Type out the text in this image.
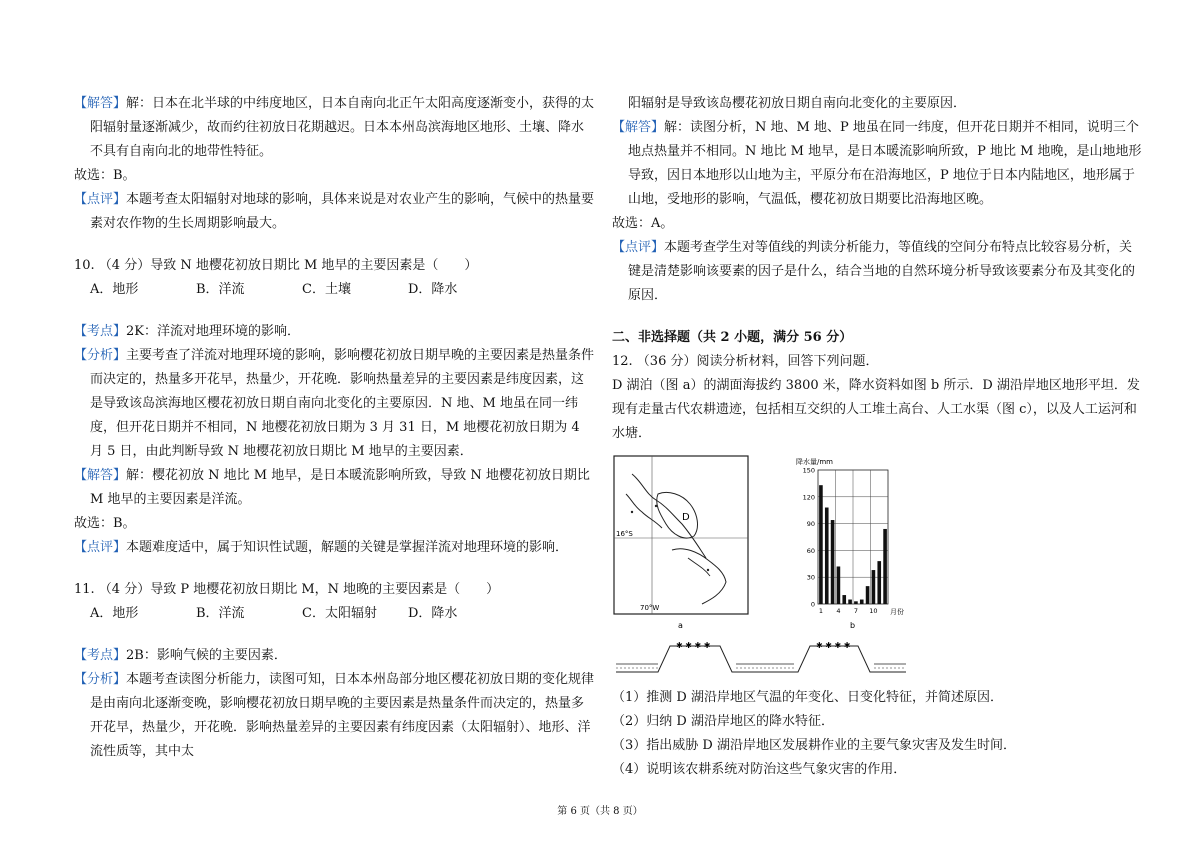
【解答】解：日本在北半球的中纬度地区，日本自南向北正午太阳高度逐渐变小，获得的太阳辐射量逐渐减少，故而约往初放日花期越迟。日本本州岛滨海地区地形、土壤、降水不具有自南向北的地带性特征。

故选：B。

【点评】本题考查太阳辐射对地球的影响，具体来说是对农业产生的影响，气候中的热量要素对农作物的生长周期影响最大。

10. （4 分）导致 N 地樱花初放日期比 M 地早的主要因素是（　　）

A．地形	B．洋流	C．土壤	D．降水

【考点】2K：洋流对地理环境的影响．

【分析】主要考查了洋流对地理环境的影响，影响樱花初放日期早晚的主要因素是热量条件而决定的，热量多开花早，热量少，开花晚．影响热量差异的主要因素是纬度因素，这是导致该岛滨海地区樱花初放日期自南向北变化的主要原因．N 地、M 地虽在同一纬度，但开花日期并不相同，N 地樱花初放日期为 3 月 31 日，M 地樱花初放日期为 4 月 5 日，由此判断导致 N 地樱花初放日期比 M 地早的主要因素．

【解答】解：樱花初放 N 地比 M 地早，是日本暖流影响所致，导致 N 地樱花初放日期比 M 地早的主要因素是洋流。

故选：B。

【点评】本题难度适中，属于知识性试题，解题的关键是掌握洋流对地理环境的影响．

11. （4 分）导致 P 地樱花初放日期比 M，N 地晚的主要因素是（　　）

A．地形	B．洋流	C．太阳辐射	D．降水

【考点】2B：影响气候的主要因素．

【分析】本题考查读图分析能力，读图可知，日本本州岛部分地区樱花初放日期的变化规律是由南向北逐渐变晚，影响樱花初放日期早晚的主要因素是热量条件而决定的，热量多开花早，热量少，开花晚．影响热量差异的主要因素有纬度因素（太阳辐射）、地形、洋流性质等，其中太

阳辐射是导致该岛樱花初放日期自南向北变化的主要原因．

【解答】解：读图分析，N 地、M 地、P 地虽在同一纬度，但开花日期并不相同，说明三个地点热量并不相同。N 地比 M 地早，是日本暖流影响所致，P 地比 M 地晚，是山地地形导致，因日本地形以山地为主，平原分布在沿海地区，P 地位于日本内陆地区，地形属于山地，受地形的影响，气温低，樱花初放日期要比沿海地区晚。

故选：A。

【点评】本题考查学生对等值线的判读分析能力，等值线的空间分布特点比较容易分析，关键是清楚影响该要素的因子是什么，结合当地的自然环境分析导致该要素分布及其变化的原因．

二、非选择题（共 2 小题，满分 56 分）

12. （36 分）阅读分析材料，回答下列问题．

D 湖泊（图 a）的湖面海拔约 3800 米，降水资料如图 b 所示．D 湖沿岸地区地形平坦．发现有走量古代农耕遗迹，包括相互交织的人工堆土高台、人工水渠（图 c），以及人工运河和水塘．

D
16°S
70°W
a
降水量/mm
0
30
60
90
120
150
1 4 7 10 月份
b
✱ ✱ ✱ ✱	✱ ✱ ✱ ✱

（1）推测 D 湖沿岸地区气温的年变化、日变化特征，并简述原因．

（2）归纳 D 湖沿岸地区的降水特征．

（3）指出威胁 D 湖沿岸地区发展耕作业的主要气象灾害及发生时间．

（4）说明该农耕系统对防治这些气象灾害的作用．

第 6 页（共 8 页）
